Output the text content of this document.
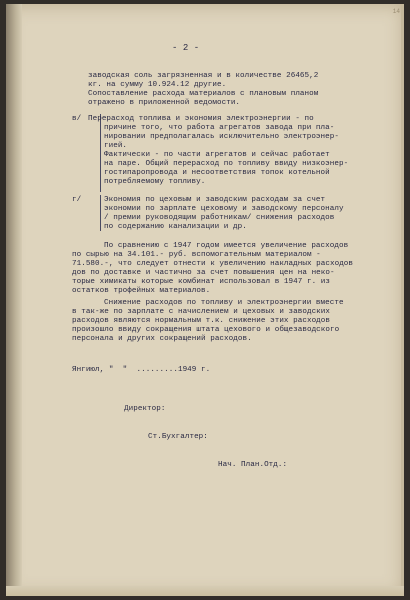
14
- 2 -
заводская соль загрязненная и в количестве 26465,2
кг. на сумму 10.924.12 другие.
Сопоставление расхода материалов с плановым планом
отражено в приложенной ведомости.
в/ Перерасход топлива и экономия электроэнергии - по
причине того, что работа агрегатов завода при пла-
нировании предполагалась исключительно электроэнер-
гией.
Фактически - по части агрегатов и сейчас работает
на паре. Общий перерасход по топливу ввиду низкоэнер-
гостипаропровода и несоответствия топок котельной
потребляемому топливу.
г/	Экономия по цеховым и заводским расходам за счет
экономии по зарплате цеховому и заводскому персоналу
/ премии руководящим работникам/ снижения расходов
по содержанию канализации и др.
По сравнению с 1947 годом имеется увеличение расходов
по сырью на 34.101.- руб. вспомогательным материалом -
71.580.-, что следует отнести к увеличению накладных расходов
дов по доставке и частично за счет повышения цен на неко-
торые химикаты которые комбинат использовал в 1947 г. из
остатков трофейных материалов.
Снижение расходов по топливу и электроэнергии вместе
в так-же по зарплате с начислением и цеховых и заводских
расходов являются нормальным т.к. снижение этих расходов
произошло ввиду сокращения штата цехового и общезаводского
персонала и других сокращений расходов.
Янгиюл, "  "  .........1949 г.
Директор:
Ст.Бухгалтер:
Нач. План.Отд.:
